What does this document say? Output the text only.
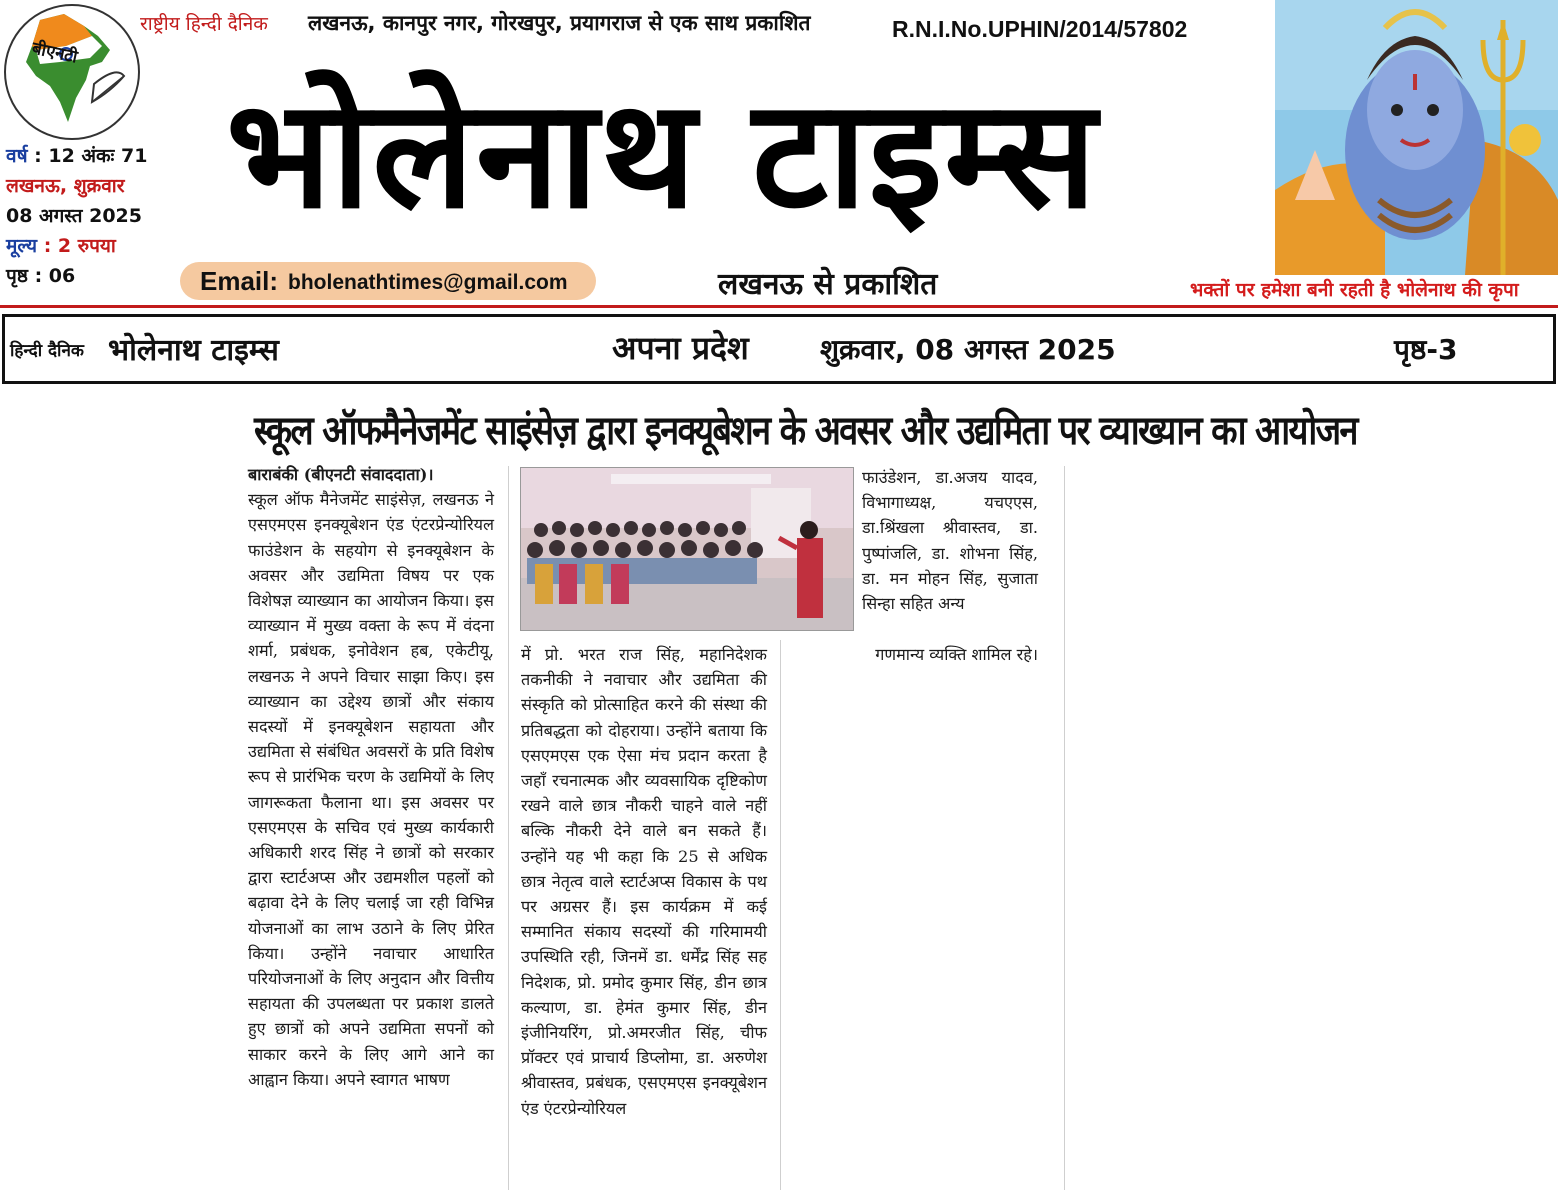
बीएनटी
राष्ट्रीय हिन्दी दैनिक लखनऊ, कानपुर नगर, गोरखपुर, प्रयागराज से एक साथ प्रकाशित	R.N.I.No.UPHIN/2014/57802
भोलेनाथ टाइम्स
वर्ष : 12 अंकः 71
लखनऊ, शुक्रवार
08 अगस्त 2025
मूल्य : 2 रुपया
पृष्ठ : 06	Email: bholenathtimes@gmail.com	लखनऊ से प्रकाशित	भक्तों पर हमेशा बनी रहती है भोलेनाथ की कृपा
हिन्दी दैनिक भोलेनाथ टाइम्स	अपना प्रदेश	शुक्रवार, 08 अगस्त 2025	पृष्ठ-3
स्कूल ऑफमैनेजमेंट साइंसेज़ द्वारा इनक्यूबेशन के अवसर और उद्यमिता पर व्याख्यान का आयोजन
बाराबंकी (बीएनटी संवाददाता)।
स्कूल ऑफ मैनेजमेंट साइंसेज़, लखनऊ ने एसएमएस इनक्यूबेशन एंड एंटरप्रेन्योरियल फाउंडेशन के सहयोग से इनक्यूबेशन के अवसर और उद्यमिता विषय पर एक विशेषज्ञ व्याख्यान का आयोजन किया। इस व्याख्यान में मुख्य वक्ता के रूप में वंदना शर्मा, प्रबंधक, इनोवेशन हब, एकेटीयू, लखनऊ ने अपने विचार साझा किए। इस व्याख्यान का उद्देश्य छात्रों और संकाय सदस्यों में इनक्यूबेशन सहायता और उद्यमिता से संबंधित अवसरों के प्रति विशेष रूप से प्रारंभिक चरण के उद्यमियों के लिए जागरूकता फैलाना था। इस अवसर पर एसएमएस के सचिव एवं मुख्य कार्यकारी अधिकारी शरद सिंह ने छात्रों को सरकार द्वारा स्टार्टअप्स और उद्यमशील पहलों को बढ़ावा देने के लिए चलाई जा रही विभिन्न योजनाओं का लाभ उठाने के लिए प्रेरित किया। उन्होंने नवाचार आधारित परियोजनाओं के लिए अनुदान और वित्तीय सहायता की उपलब्धता पर प्रकाश डालते हुए छात्रों को अपने उद्यमिता सपनों को साकार करने के लिए आगे आने का आह्वान किया। अपने स्वागत भाषण
में प्रो. भरत राज सिंह, महानिदेशक तकनीकी ने नवाचार और उद्यमिता की संस्कृति को प्रोत्साहित करने की संस्था की प्रतिबद्धता को दोहराया। उन्होंने बताया कि एसएमएस एक ऐसा मंच प्रदान करता है जहाँ रचनात्मक और व्यवसायिक दृष्टिकोण रखने वाले छात्र नौकरी चाहने वाले नहीं बल्कि नौकरी देने वाले बन सकते हैं। उन्होंने यह भी कहा कि 25 से अधिक छात्र नेतृत्व वाले स्टार्टअप्स विकास के पथ पर अग्रसर हैं। इस कार्यक्रम में कई सम्मानित संकाय सदस्यों की गरिमामयी उपस्थिति रही, जिनमें डा. धर्मेंद्र सिंह सह निदेशक, प्रो. प्रमोद कुमार सिंह, डीन छात्र कल्याण, डा. हेमंत कुमार सिंह, डीन इंजीनियरिंग, प्रो.अमरजीत सिंह, चीफ प्रॉक्टर एवं प्राचार्य डिप्लोमा, डा. अरुणेश श्रीवास्तव, प्रबंधक, एसएमएस इनक्यूबेशन एंड एंटरप्रेन्योरियल
फाउंडेशन, डा.अजय यादव, विभागाध्यक्ष, यचएएस, डा.श्रिंखला श्रीवास्तव, डा. पुष्पांजलि, डा. शोभना सिंह, डा. मन मोहन सिंह, सुजाता सिन्हा सहित अन्य
गणमान्य व्यक्ति शामिल रहे।
